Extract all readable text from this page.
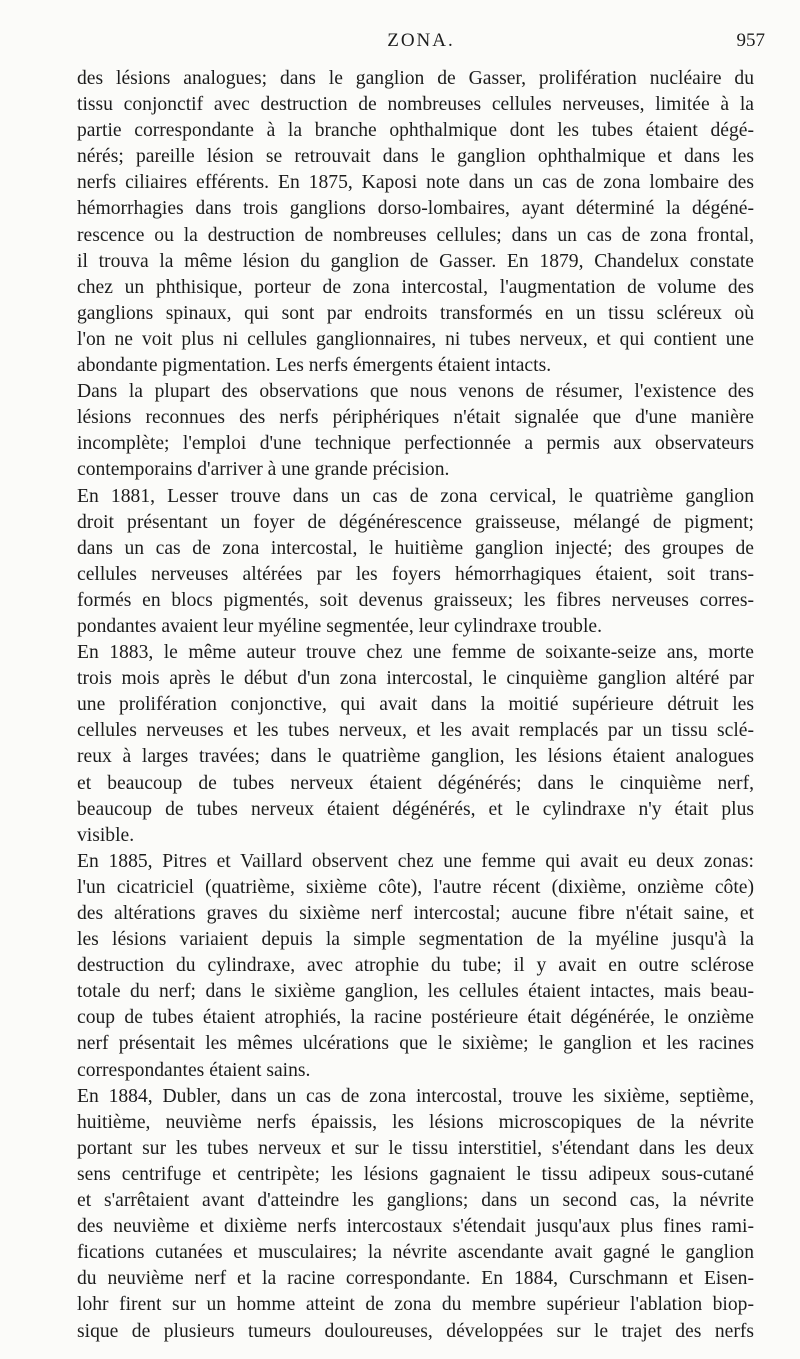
ZONA.	957
des lésions analogues; dans le ganglion de Gasser, prolifération nucléaire du
tissu conjonctif avec destruction de nombreuses cellules nerveuses, limitée à la
partie correspondante à la branche ophthalmique dont les tubes étaient dégé-
nérés; pareille lésion se retrouvait dans le ganglion ophthalmique et dans les
nerfs ciliaires efférents. En 1875, Kaposi note dans un cas de zona lombaire des
hémorrhagies dans trois ganglions dorso-lombaires, ayant déterminé la dégéné-
rescence ou la destruction de nombreuses cellules; dans un cas de zona frontal,
il trouva la même lésion du ganglion de Gasser. En 1879, Chandelux constate
chez un phthisique, porteur de zona intercostal, l'augmentation de volume des
ganglions spinaux, qui sont par endroits transformés en un tissu scléreux où
l'on ne voit plus ni cellules ganglionnaires, ni tubes nerveux, et qui contient une
abondante pigmentation. Les nerfs émergents étaient intacts.
Dans la plupart des observations que nous venons de résumer, l'existence des
lésions reconnues des nerfs périphériques n'était signalée que d'une manière
incomplète; l'emploi d'une technique perfectionnée a permis aux observateurs
contemporains d'arriver à une grande précision.
En 1881, Lesser trouve dans un cas de zona cervical, le quatrième ganglion
droit présentant un foyer de dégénérescence graisseuse, mélangé de pigment;
dans un cas de zona intercostal, le huitième ganglion injecté; des groupes de
cellules nerveuses altérées par les foyers hémorrhagiques étaient, soit trans-
formés en blocs pigmentés, soit devenus graisseux; les fibres nerveuses corres-
pondantes avaient leur myéline segmentée, leur cylindraxe trouble.
En 1883, le même auteur trouve chez une femme de soixante-seize ans, morte
trois mois après le début d'un zona intercostal, le cinquième ganglion altéré par
une prolifération conjonctive, qui avait dans la moitié supérieure détruit les
cellules nerveuses et les tubes nerveux, et les avait remplacés par un tissu sclé-
reux à larges travées; dans le quatrième ganglion, les lésions étaient analogues
et beaucoup de tubes nerveux étaient dégénérés; dans le cinquième nerf,
beaucoup de tubes nerveux étaient dégénérés, et le cylindraxe n'y était plus
visible.
En 1885, Pitres et Vaillard observent chez une femme qui avait eu deux zonas:
l'un cicatriciel (quatrième, sixième côte), l'autre récent (dixième, onzième côte)
des altérations graves du sixième nerf intercostal; aucune fibre n'était saine, et
les lésions variaient depuis la simple segmentation de la myéline jusqu'à la
destruction du cylindraxe, avec atrophie du tube; il y avait en outre sclérose
totale du nerf; dans le sixième ganglion, les cellules étaient intactes, mais beau-
coup de tubes étaient atrophiés, la racine postérieure était dégénérée, le onzième
nerf présentait les mêmes ulcérations que le sixième; le ganglion et les racines
correspondantes étaient sains.
En 1884, Dubler, dans un cas de zona intercostal, trouve les sixième, septième,
huitième, neuvième nerfs épaissis, les lésions microscopiques de la névrite
portant sur les tubes nerveux et sur le tissu interstitiel, s'étendant dans les deux
sens centrifuge et centripète; les lésions gagnaient le tissu adipeux sous-cutané
et s'arrêtaient avant d'atteindre les ganglions; dans un second cas, la névrite
des neuvième et dixième nerfs intercostaux s'étendait jusqu'aux plus fines rami-
fications cutanées et musculaires; la névrite ascendante avait gagné le ganglion
du neuvième nerf et la racine correspondante. En 1884, Curschmann et Eisen-
lohr firent sur un homme atteint de zona du membre supérieur l'ablation biop-
sique de plusieurs tumeurs douloureuses, développées sur le trajet des nerfs
